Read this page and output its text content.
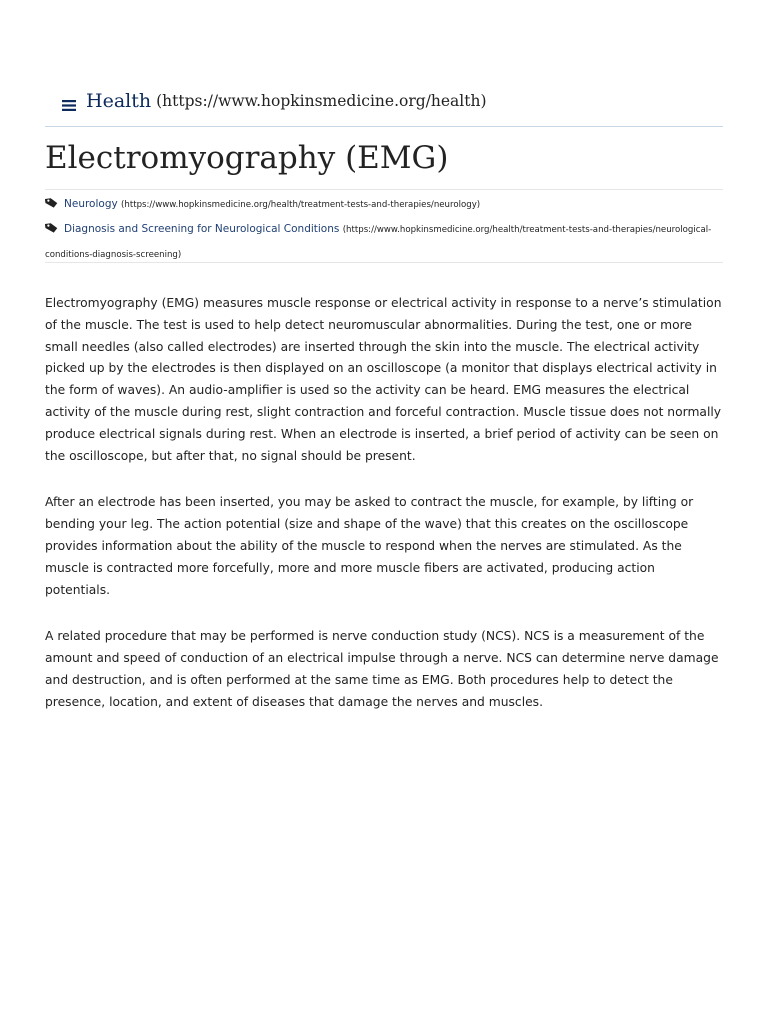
Health (https://www.hopkinsmedicine.org/health)
Electromyography (EMG)
Neurology (https://www.hopkinsmedicine.org/health/treatment-tests-and-therapies/neurology)
Diagnosis and Screening for Neurological Conditions (https://www.hopkinsmedicine.org/health/treatment-tests-and-therapies/neurological-conditions-diagnosis-screening)

Electromyography (EMG) measures muscle response or electrical activity in response to a nerve’s stimulation of the muscle. The test is used to help detect neuromuscular abnormalities. During the test, one or more small needles (also called electrodes) are inserted through the skin into the muscle. The electrical activity picked up by the electrodes is then displayed on an oscilloscope (a monitor that displays electrical activity in the form of waves). An audio-amplifier is used so the activity can be heard. EMG measures the electrical activity of the muscle during rest, slight contraction and forceful contraction. Muscle tissue does not normally produce electrical signals during rest. When an electrode is inserted, a brief period of activity can be seen on the oscilloscope, but after that, no signal should be present.

After an electrode has been inserted, you may be asked to contract the muscle, for example, by lifting or bending your leg. The action potential (size and shape of the wave) that this creates on the oscilloscope provides information about the ability of the muscle to respond when the nerves are stimulated. As the muscle is contracted more forcefully, more and more muscle fibers are activated, producing action potentials.

A related procedure that may be performed is nerve conduction study (NCS). NCS is a measurement of the amount and speed of conduction of an electrical impulse through a nerve. NCS can determine nerve damage and destruction, and is often performed at the same time as EMG. Both procedures help to detect the presence, location, and extent of diseases that damage the nerves and muscles.
